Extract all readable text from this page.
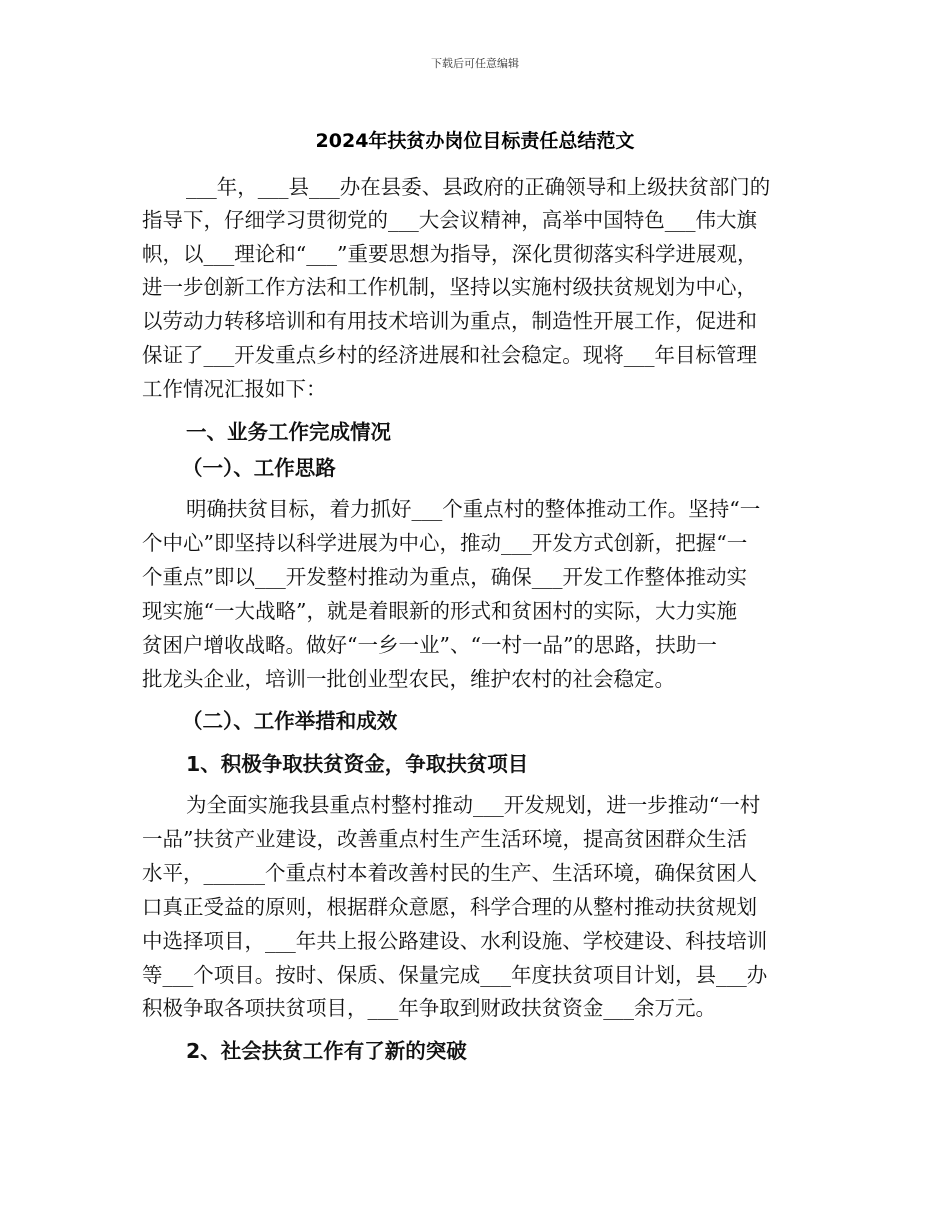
下载后可任意编辑
2024年扶贫办岗位目标责任总结范文
___年，___县___办在县委、县政府的正确领导和上级扶贫部门的
指导下，仔细学习贯彻党的___大会议精神，高举中国特色___伟大旗
帜，以___理论和“___”重要思想为指导，深化贯彻落实科学进展观，
进一步创新工作方法和工作机制，坚持以实施村级扶贫规划为中心，
以劳动力转移培训和有用技术培训为重点，制造性开展工作，促进和
保证了___开发重点乡村的经济进展和社会稳定。现将___年目标管理
工作情况汇报如下：
一、业务工作完成情况
（一）、工作思路
明确扶贫目标，着力抓好___个重点村的整体推动工作。坚持“一
个中心”即坚持以科学进展为中心，推动___开发方式创新，把握“一
个重点”即以___开发整村推动为重点，确保___开发工作整体推动实
现实施“一大战略”，就是着眼新的形式和贫困村的实际，大力实施
贫困户增收战略。做好“一乡一业”、“一村一品”的思路，扶助一
批龙头企业，培训一批创业型农民，维护农村的社会稳定。
（二）、工作举措和成效
1、积极争取扶贫资金，争取扶贫项目
为全面实施我县重点村整村推动___开发规划，进一步推动“一村
一品”扶贫产业建设，改善重点村生产生活环境，提高贫困群众生活
水平，______个重点村本着改善村民的生产、生活环境，确保贫困人
口真正受益的原则，根据群众意愿，科学合理的从整村推动扶贫规划
中选择项目，___年共上报公路建设、水利设施、学校建设、科技培训
等___个项目。按时、保质、保量完成___年度扶贫项目计划，县___办
积极争取各项扶贫项目，___年争取到财政扶贫资金___余万元。
2、社会扶贫工作有了新的突破
